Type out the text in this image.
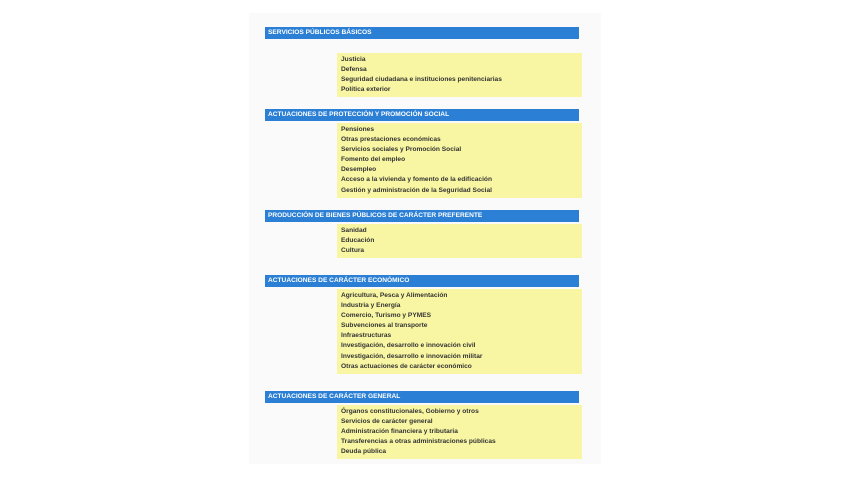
SERVICIOS PÚBLICOS BÁSICOS
Justicia
Defensa
Seguridad ciudadana e instituciones penitenciarias
Política exterior
ACTUACIONES DE PROTECCIÓN Y PROMOCIÓN SOCIAL
Pensiones
Otras prestaciones económicas
Servicios sociales y Promoción Social
Fomento del empleo
Desempleo
Acceso a la vivienda y fomento de la edificación
Gestión y administración de la Seguridad Social
PRODUCCIÓN DE BIENES PÚBLICOS DE CARÁCTER PREFERENTE
Sanidad
Educación
Cultura
ACTUACIONES DE CARÁCTER ECONÓMICO
Agricultura, Pesca y Alimentación
Industria y Energía
Comercio, Turismo y PYMES
Subvenciones al transporte
Infraestructuras
Investigación, desarrollo e innovación civil
Investigación, desarrollo e innovación militar
Otras actuaciones de carácter económico
ACTUACIONES DE CARÁCTER GENERAL
Órganos constitucionales, Gobierno y otros
Servicios de carácter general
Administración financiera y tributaria
Transferencias a otras administraciones públicas
Deuda pública
